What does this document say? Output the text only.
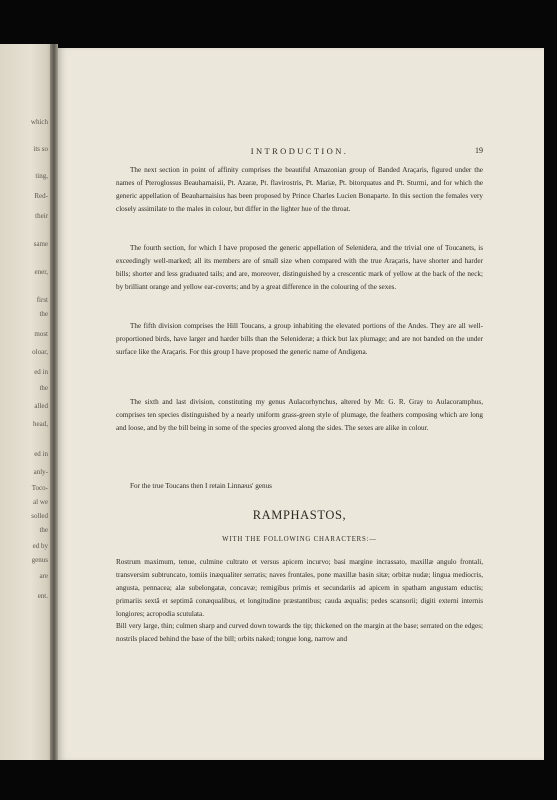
which
its so
ting,
Red-
their
same
ener,
first
the
most
oloar,
ed in
the
alled
head,
ed in
anly-
Toco-
al we
solled
the
ed by
genus
are
ent.
INTRODUCTION.	19

The next section in point of affinity comprises the beautiful Amazonian group of Banded Araçaris, figured under the names of Pteroglossus Beauharnaisii, Pt. Azaræ, Pt. flavirostris, Pt. Mariæ, Pt. bitorquatus and Pt. Sturmi, and for which the generic appellation of Beauharnaisius has been proposed by Prince Charles Lucien Bonaparte. In this section the females very closely assimilate to the males in colour, but differ in the lighter hue of the throat.

The fourth section, for which I have proposed the generic appellation of Selenidera, and the trivial one of Toucanets, is exceedingly well-marked; all its members are of small size when compared with the true Araçaris, have shorter and harder bills; shorter and less graduated tails; and are, moreover, distinguished by a crescentic mark of yellow at the back of the neck; by brilliant orange and yellow ear-coverts; and by a great difference in the colouring of the sexes.

The fifth division comprises the Hill Toucans, a group inhabiting the elevated portions of the Andes. They are all well-proportioned birds, have larger and harder bills than the Selenideræ; a thick but lax plumage; and are not banded on the under surface like the Araçaris. For this group I have proposed the generic name of Andigena.

The sixth and last division, constituting my genus Aulacorhynchus, altered by Mr. G. R. Gray to Aulacoramphus, comprises ten species distinguished by a nearly uniform grass-green style of plumage, the feathers composing which are long and loose, and by the bill being in some of the species grooved along the sides. The sexes are alike in colour.

For the true Toucans then I retain Linnæus' genus

RAMPHASTOS,
WITH THE FOLLOWING CHARACTERS:—

Rostrum maximum, tenue, culmine cultrato et versus apicem incurvo; basi margine incrassato, maxillæ angulo frontali, transversim subtruncato, tomiis inæqualiter serratis; naves frontales, pone maxillæ basin sitæ; orbitæ nudæ; lingua mediocris, angusta, pennacea; alæ subelongatæ, concavæ; remigibus primis et secundariis ad apicem in spatham angustam eductis; primariis sextâ et septimâ conæqualibus, et longitudine præstantibus; cauda æqualis; pedes scansorii; digiti externi internis longiores; acropodia scutulata.

Bill very large, thin; culmen sharp and curved down towards the tip; thickened on the margin at the base; serrated on the edges; nostrils placed behind the base of the bill; orbits naked; tongue long, narrow and
